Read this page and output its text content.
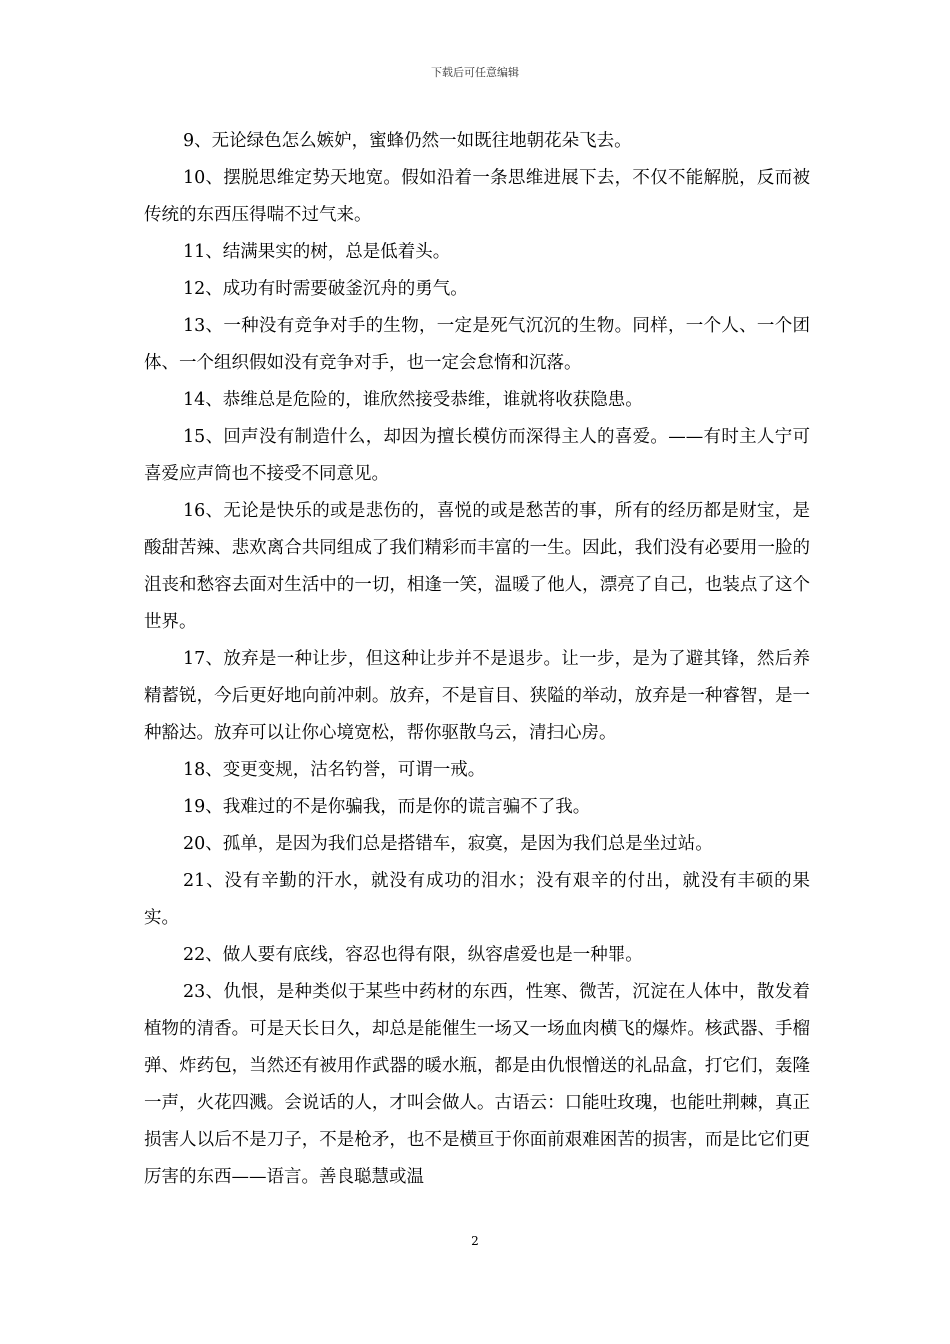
下载后可任意编辑

9、无论绿色怎么嫉妒，蜜蜂仍然一如既往地朝花朵飞去。

10、摆脱思维定势天地宽。假如沿着一条思维进展下去，不仅不能解脱，反而被传统的东西压得喘不过气来。

11、结满果实的树，总是低着头。

12、成功有时需要破釜沉舟的勇气。

13、一种没有竞争对手的生物，一定是死气沉沉的生物。同样，一个人、一个团体、一个组织假如没有竞争对手，也一定会怠惰和沉落。

14、恭维总是危险的，谁欣然接受恭维，谁就将收获隐患。

15、回声没有制造什么，却因为擅长模仿而深得主人的喜爱。——有时主人宁可喜爱应声筒也不接受不同意见。

16、无论是快乐的或是悲伤的，喜悦的或是愁苦的事，所有的经历都是财宝，是酸甜苦辣、悲欢离合共同组成了我们精彩而丰富的一生。因此，我们没有必要用一脸的沮丧和愁容去面对生活中的一切，相逢一笑，温暖了他人，漂亮了自己，也装点了这个世界。

17、放弃是一种让步，但这种让步并不是退步。让一步，是为了避其锋，然后养精蓄锐，今后更好地向前冲刺。放弃，不是盲目、狭隘的举动，放弃是一种睿智，是一种豁达。放弃可以让你心境宽松，帮你驱散乌云，清扫心房。

18、变更变规，沽名钓誉，可谓一戒。

19、我难过的不是你骗我，而是你的谎言骗不了我。

20、孤单，是因为我们总是搭错车，寂寞，是因为我们总是坐过站。

21、没有辛勤的汗水，就没有成功的泪水；没有艰辛的付出，就没有丰硕的果实。

22、做人要有底线，容忍也得有限，纵容虐爱也是一种罪。

23、仇恨，是种类似于某些中药材的东西，性寒、微苦，沉淀在人体中，散发着植物的清香。可是天长日久，却总是能催生一场又一场血肉横飞的爆炸。核武器、手榴弹、炸药包，当然还有被用作武器的暖水瓶，都是由仇恨憎送的礼品盒，打它们，轰隆一声，火花四溅。会说话的人，才叫会做人。古语云：口能吐玫瑰，也能吐荆棘，真正损害人以后不是刀子，不是枪矛，也不是横亘于你面前艰难困苦的损害，而是比它们更厉害的东西——语言。善良聪慧或温

2
